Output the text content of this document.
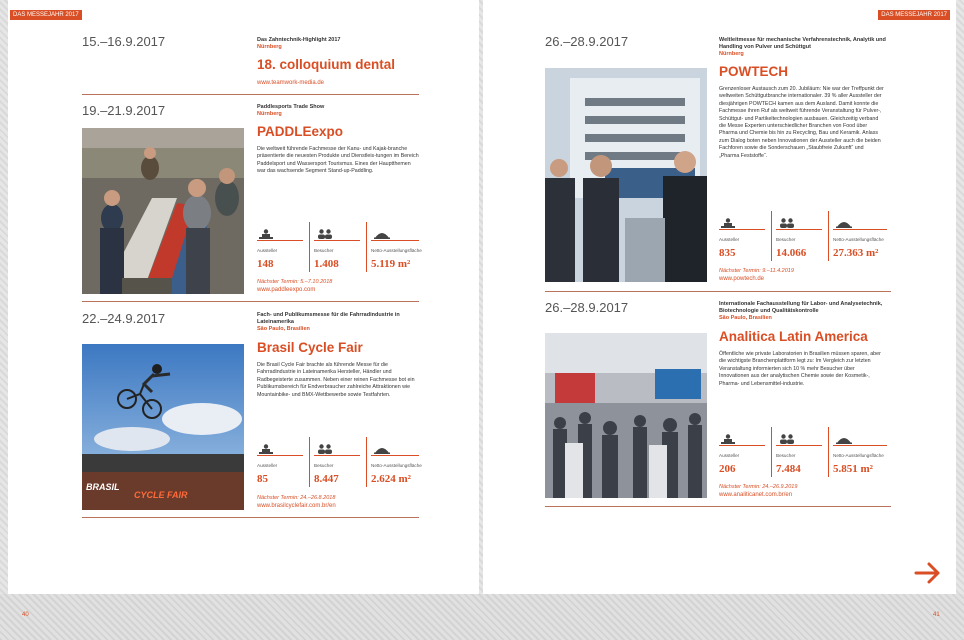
DAS MESSEJAHR 2017
15.–16.9.2017	Das Zahntechnik-Highlight 2017
Nürnberg
18. colloquium dental
www.teamwork-media.de
19.–21.9.2017	Paddlesports Trade Show
Nürnberg
PADDLEexpo
Die weltweit führende Fachmesse der Kanu- und Kajak-branche präsentierte die neuesten Produkte und Dienstleis-tungen im Bereich Paddelsport und Wassersport Tourismus. Eines der Hauptthemen war das wachsende Segment Stand-up-Paddling.
Aussteller	Besucher	Netto-Ausstellungsfläche
148	1.408	5.119 m²
Nächster Termin: 5.–7.10.2018
www.paddleexpo.com
22.–24.9.2017	Fach- und Publikumsmesse für die Fahrradindustrie in Lateinamerika
São Paulo, Brasilien
Brasil Cycle Fair
Die Brasil Cycle Fair brachte als führende Messe für die Fahrradindustrie in Lateinamerika Hersteller, Händler und Radbegeisterte zusammen. Neben einer reinen Fachmesse bot ein Publikumsbereich für Endverbraucher zahlreiche Attraktionen wie Mountainbike- und BMX-Wettbewerbe sowie Testfahrten.
BRASIL
CYCLE FAIR
Aussteller	Besucher	Netto-Ausstellungsfläche
85	8.447	2.624 m²
Nächster Termin: 24.–26.8.2018
www.brasilcyclefair.com.br/en
DAS MESSEJAHR 2017
26.–28.9.2017	Weltleitmesse für mechanische Verfahrenstechnik, Analytik und Handling von Pulver und Schüttgut
Nürnberg
POWTECH
Grenzenloser Austausch zum 20. Jubiläum: Nie war der Treffpunkt der weltweiten Schüttgutbranche internationaler. 39 % aller Aussteller der diesjährigen POWTECH kamen aus dem Ausland. Damit konnte die Fachmesse ihren Ruf als weltweit führende Veranstaltung für Pulver-, Schüttgut- und Partikeltechnologien ausbauen. Gleichzeitig verband die Messe Experten unterschiedlicher Branchen von Food über Pharma und Chemie bis hin zu Recycling, Bau und Keramik. Anlass zum Dialog boten neben Innovationen der Aussteller auch die beiden Fachforen sowie die Sonderschauen „Staubfreie Zukunft“ und „Pharma Feststoffe“.
Aussteller	Besucher	Netto-Ausstellungsfläche
835	14.066 27.363 m²
Nächster Termin: 9.–11.4.2019
www.powtech.de
26.–28.9.2017	Internationale Fachausstellung für Labor- und Analysetechnik, Biotechnologie und Qualitätskontrolle
São Paulo, Brasilien
Analitica Latin America
Öffentliche wie private Laboratorien in Brasilien müssen sparen, aber die wichtigste Branchenplattform legt zu: Im Vergleich zur letzten Veranstaltung informierten sich 10 % mehr Besucher über Innovationen aus der analytischen Chemie sowie der Kosmetik-, Pharma- und Lebensmittel-industrie.
Aussteller	Besucher	Netto-Ausstellungsfläche
206	7.484	5.851 m²
Nächster Termin: 24.–26.9.2019
www.analiticanet.com.br/en
40	41
